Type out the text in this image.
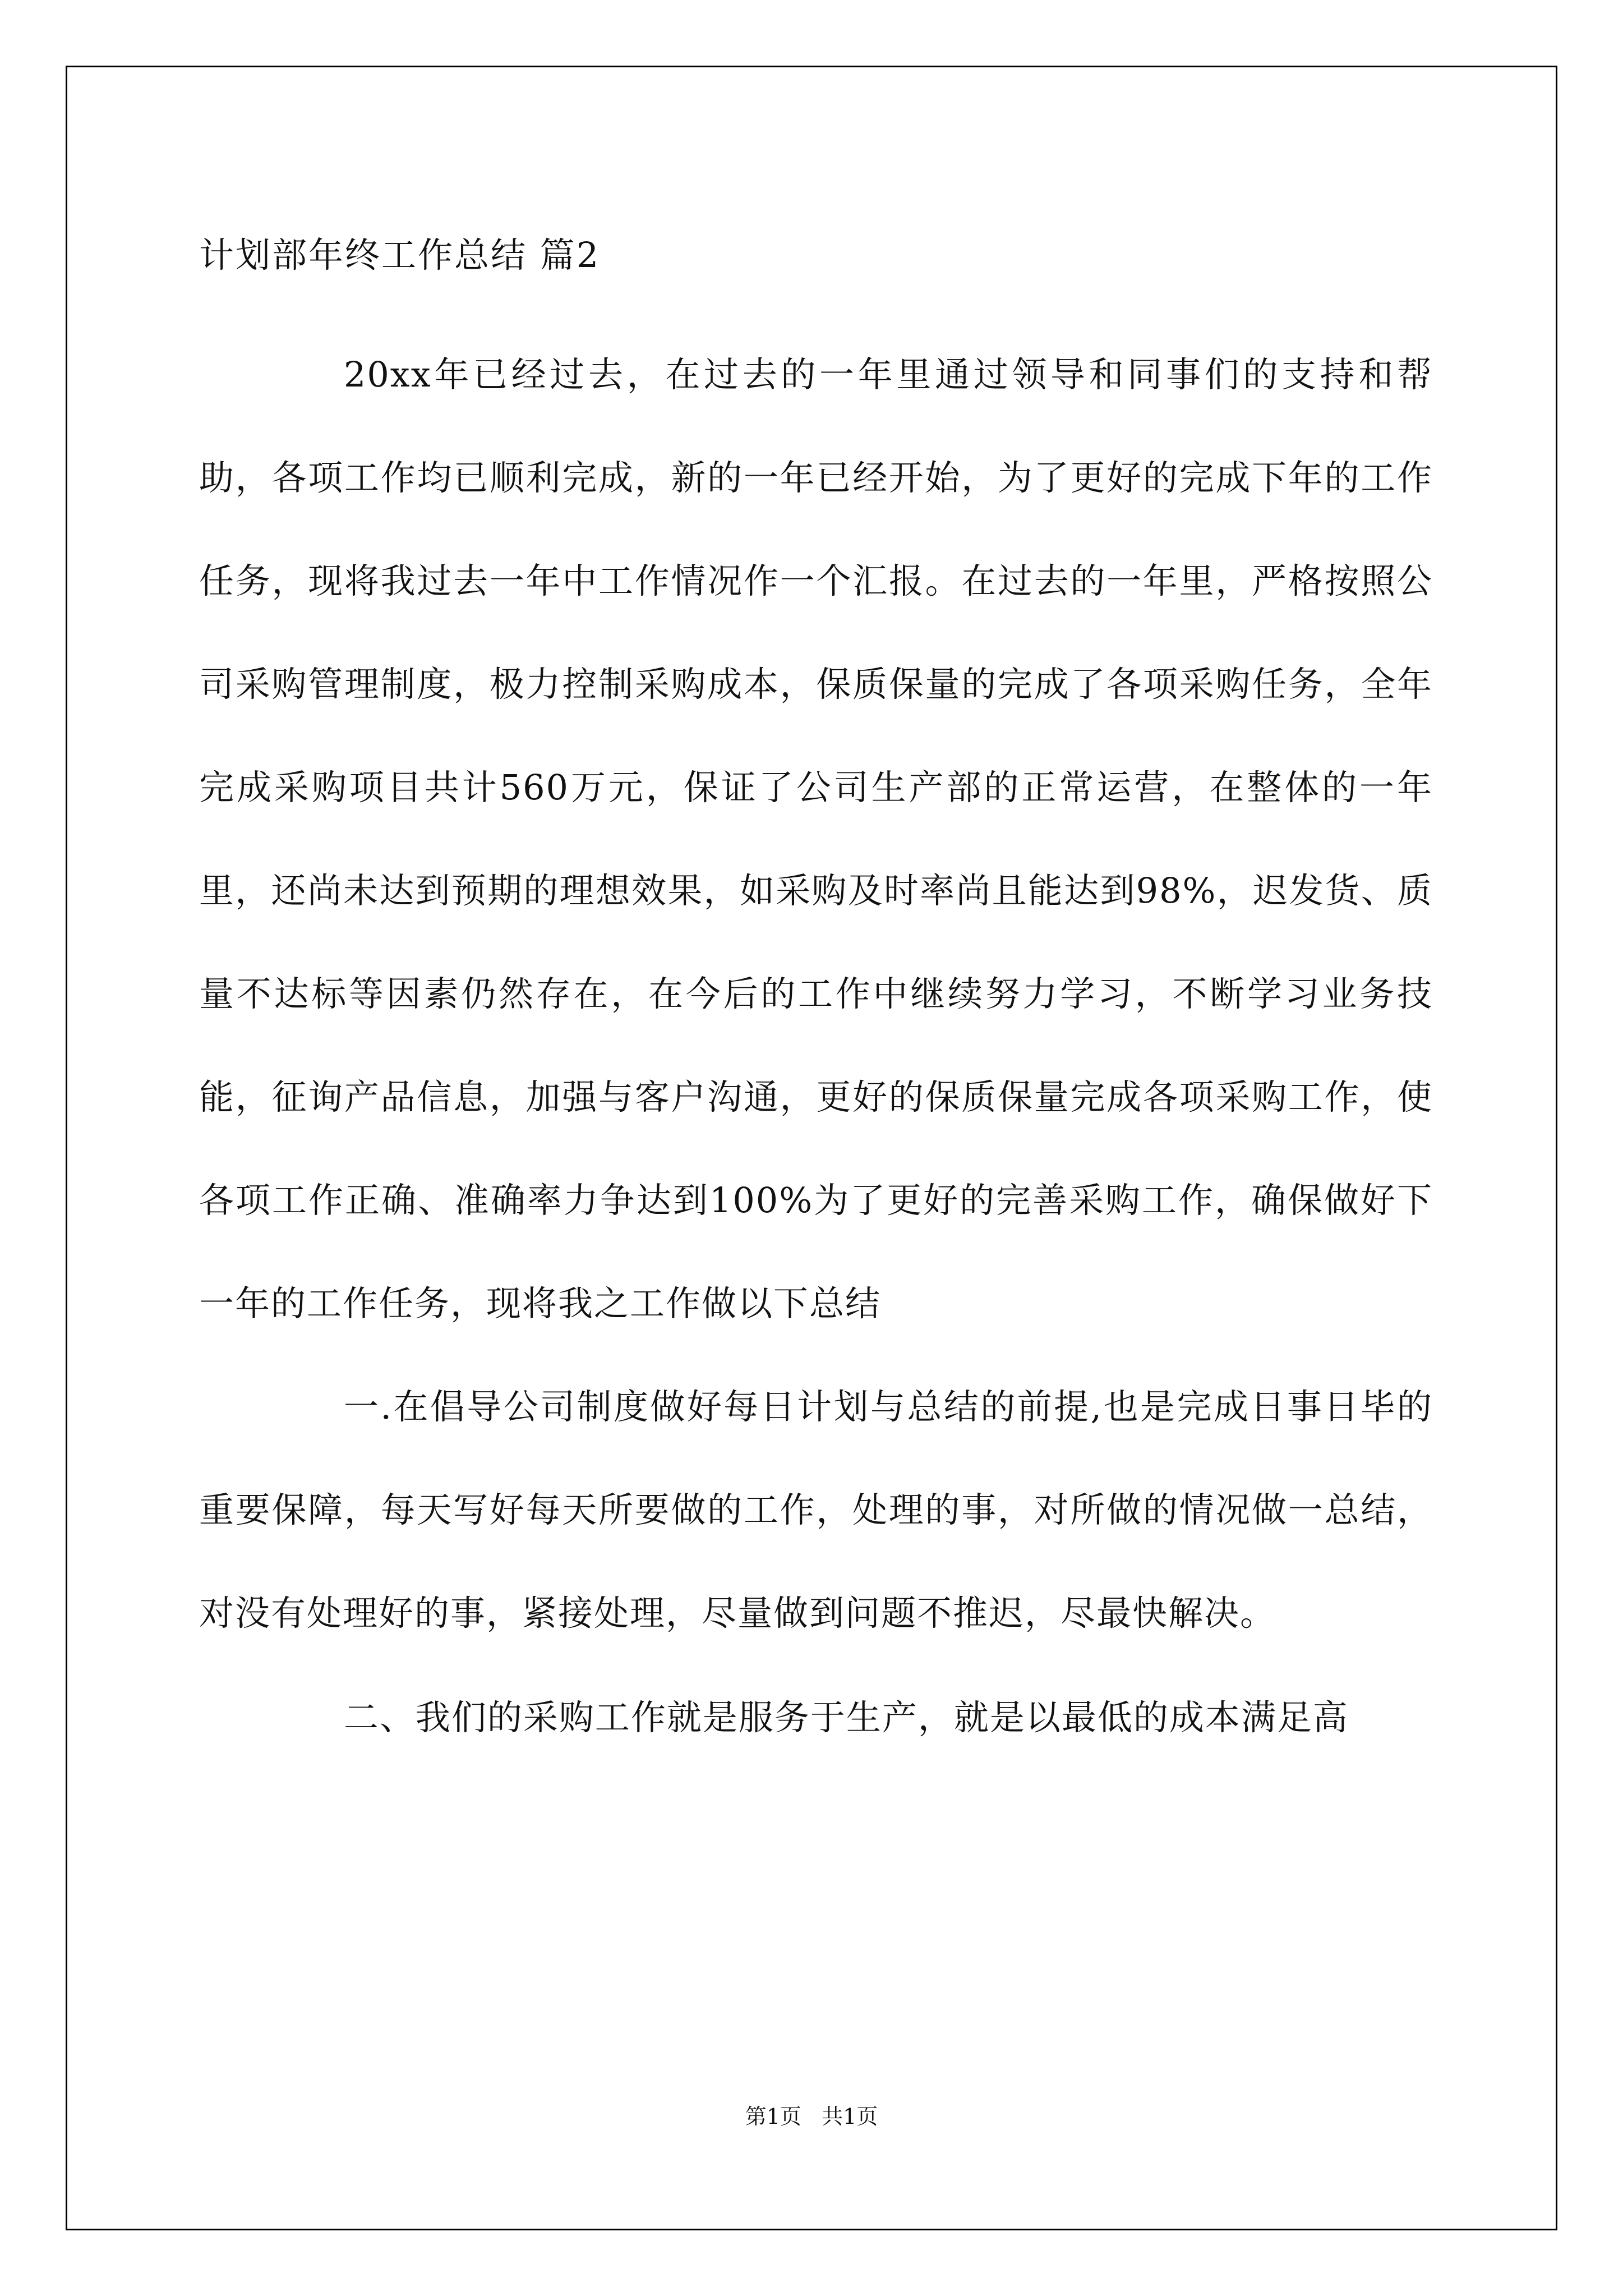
计划部年终工作总结 篇2

20xx年已经过去，在过去的一年里通过领导和同事们的支持和帮助，各项工作均已顺利完成，新的一年已经开始，为了更好的完成下年的工作任务，现将我过去一年中工作情况作一个汇报。在过去的一年里，严格按照公司采购管理制度，极力控制采购成本，保质保量的完成了各项采购任务，全年完成采购项目共计560万元，保证了公司生产部的正常运营，在整体的一年里，还尚未达到预期的理想效果，如采购及时率尚且能达到98%，迟发货、质量不达标等因素仍然存在，在今后的工作中继续努力学习，不断学习业务技能，征询产品信息，加强与客户沟通，更好的保质保量完成各项采购工作，使各项工作正确、准确率力争达到100%为了更好的完善采购工作，确保做好下一年的工作任务，现将我之工作做以下总结

一.在倡导公司制度做好每日计划与总结的前提,也是完成日事日毕的重要保障，每天写好每天所要做的工作，处理的事，对所做的情况做一总结，对没有处理好的事，紧接处理，尽量做到问题不推迟，尽最快解决。

二、我们的采购工作就是服务于生产，就是以最低的成本满足高

第1页   共1页
